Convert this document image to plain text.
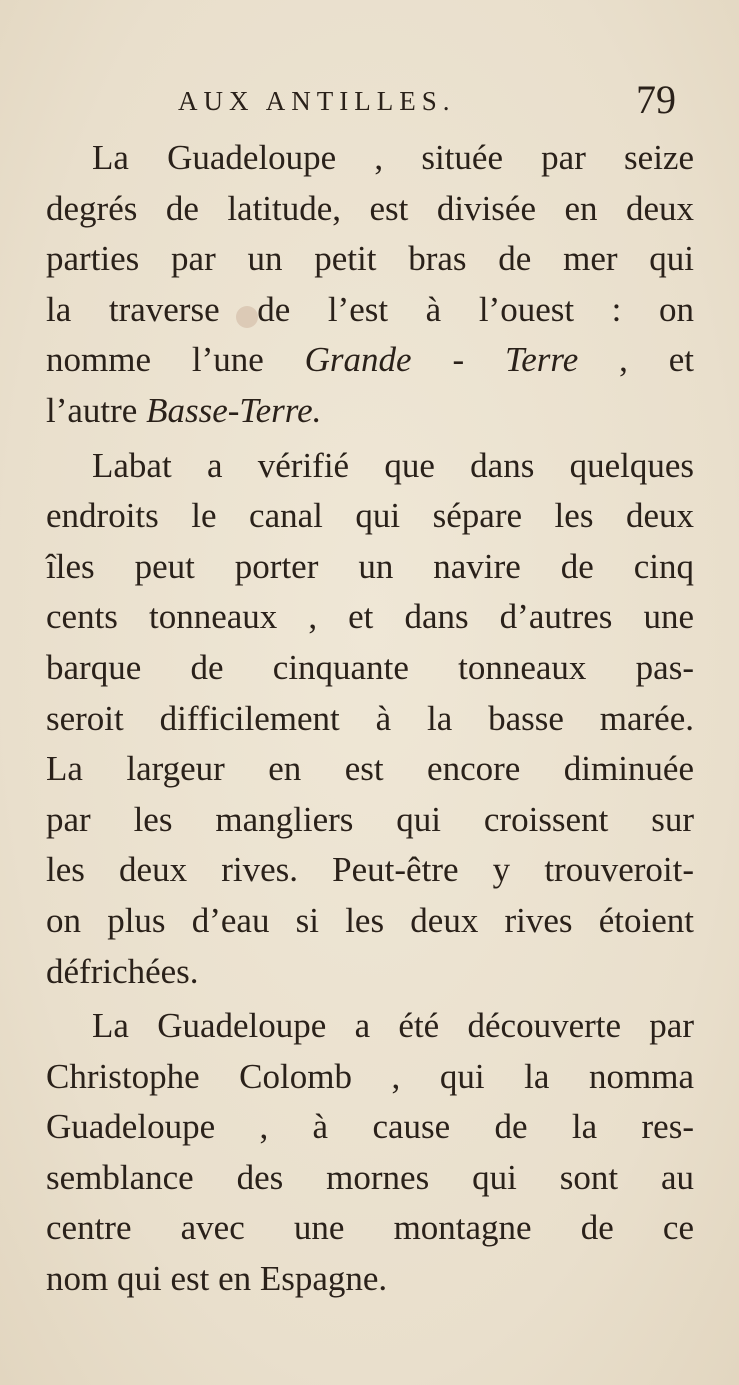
AUX ANTILLES.	79
La Guadeloupe , située par seize
degrés de latitude, est divisée en deux
parties par un petit bras de mer qui
la traverse de l’est à l’ouest : on
nomme l’une Grande - Terre , et
l’autre Basse-Terre.
Labat a vérifié que dans quelques
endroits le canal qui sépare les deux
îles peut porter un navire de cinq
cents tonneaux , et dans d’autres une
barque de cinquante tonneaux pas-
seroit difficilement à la basse marée.
La largeur en est encore diminuée
par les mangliers qui croissent sur
les deux rives. Peut-être y trouveroit-
on plus d’eau si les deux rives étoient
défrichées.
La Guadeloupe a été découverte par
Christophe Colomb , qui la nomma
Guadeloupe , à cause de la res-
semblance des mornes qui sont au
centre avec une montagne de ce
nom qui est en Espagne.
